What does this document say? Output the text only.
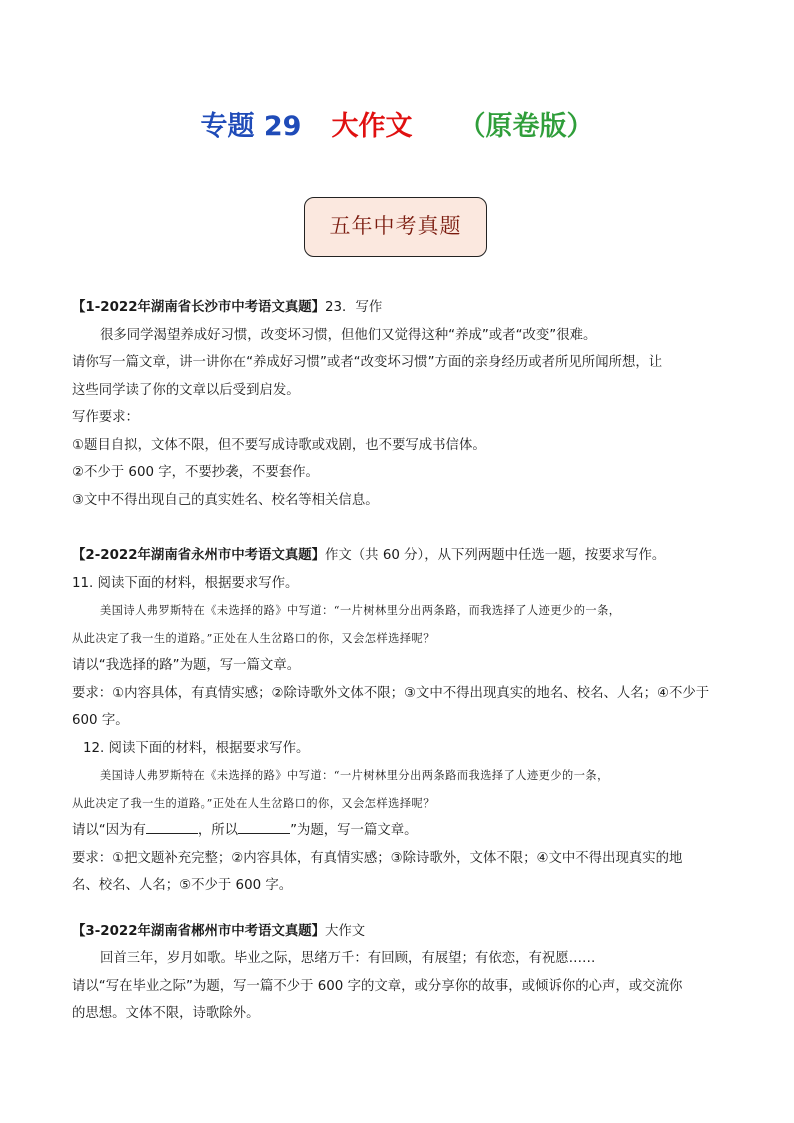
专题 29 大作文 （原卷版）
五年中考真题
【1-2022年湖南省长沙市中考语文真题】23．写作
很多同学渴望养成好习惯，改变坏习惯，但他们又觉得这种“养成”或者“改变”很难。
请你写一篇文章，讲一讲你在“养成好习惯”或者“改变坏习惯”方面的亲身经历或者所见所闻所想，让
这些同学读了你的文章以后受到启发。
写作要求：
①题目自拟，文体不限，但不要写成诗歌或戏剧，也不要写成书信体。
②不少于 600 字，不要抄袭，不要套作。
③文中不得出现自己的真实姓名、校名等相关信息。
【2-2022年湖南省永州市中考语文真题】作文（共 60 分），从下列两题中任选一题，按要求写作。
11. 阅读下面的材料，根据要求写作。
美国诗人弗罗斯特在《未选择的路》中写道：“一片树林里分出两条路，而我选择了人迹更少的一条，
从此决定了我一生的道路。”正处在人生岔路口的你，又会怎样选择呢？
请以“我选择的路”为题，写一篇文章。
要求：①内容具体，有真情实感；②除诗歌外文体不限；③文中不得出现真实的地名、校名、人名；④不少于
600 字。
12. 阅读下面的材料，根据要求写作。
美国诗人弗罗斯特在《未选择的路》中写道：“一片树林里分出两条路而我选择了人迹更少的一条，
从此决定了我一生的道路。”正处在人生岔路口的你，又会怎样选择呢？
请以“因为有	，所以	”为题，写一篇文章。
要求：①把文题补充完整；②内容具体，有真情实感；③除诗歌外，文体不限；④文中不得出现真实的地
名、校名、人名；⑤不少于 600 字。
【3-2022年湖南省郴州市中考语文真题】大作文
回首三年，岁月如歌。毕业之际，思绪万千：有回顾，有展望；有依恋，有祝愿……
请以“写在毕业之际”为题，写一篇不少于 600 字的文章，或分享你的故事，或倾诉你的心声，或交流你
的思想。文体不限，诗歌除外。
